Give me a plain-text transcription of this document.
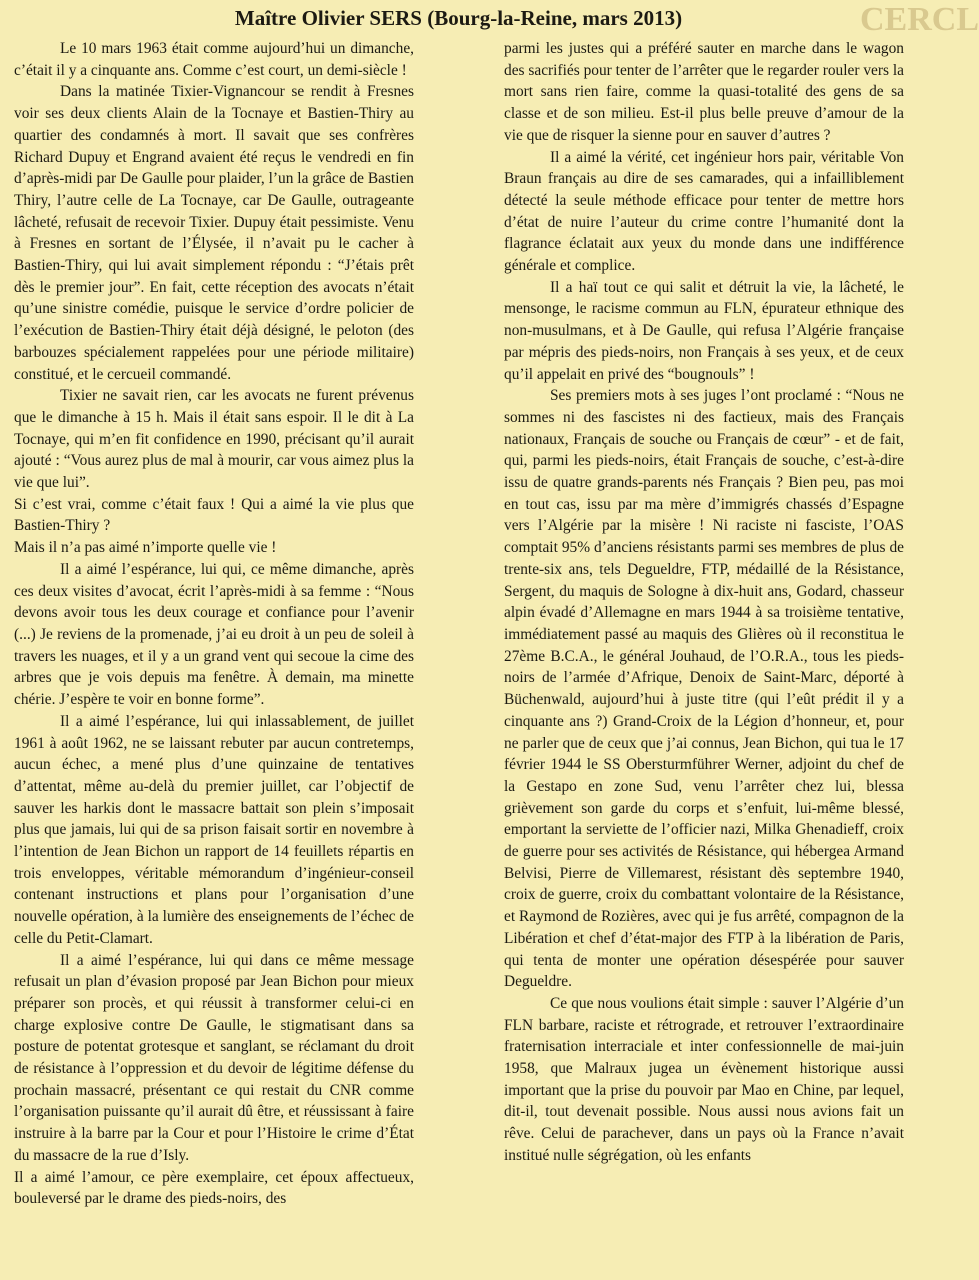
CERCL
Maître Olivier SERS (Bourg-la-Reine, mars 2013)

Le 10 mars 1963 était comme aujourd’hui un dimanche, c’était il y a cinquante ans. Comme c’est court, un demi-siècle !

Dans la matinée Tixier-Vignancour se rendit à Fresnes voir ses deux clients Alain de la Tocnaye et Bastien-Thiry au quartier des condamnés à mort. Il savait que ses confrères Richard Dupuy et Engrand avaient été reçus le vendredi en fin d’après-midi par De Gaulle pour plaider, l’un la grâce de Bastien Thiry, l’autre celle de La Tocnaye, car De Gaulle, outrageante lâcheté, refusait de recevoir Tixier. Dupuy était pessimiste. Venu à Fresnes en sortant de l’Élysée, il n’avait pu le cacher à Bastien-Thiry, qui lui avait simplement répondu : “J’étais prêt dès le premier jour”. En fait, cette réception des avocats n’était qu’une sinistre comédie, puisque le service d’ordre policier de l’exécution de Bastien-Thiry était déjà désigné, le peloton (des barbouzes spécialement rappelées pour une période militaire) constitué, et le cercueil commandé.

Tixier ne savait rien, car les avocats ne furent prévenus que le dimanche à 15 h. Mais il était sans espoir. Il le dit à La Tocnaye, qui m’en fit confidence en 1990, précisant qu’il aurait ajouté : “Vous aurez plus de mal à mourir, car vous aimez plus la vie que lui”.

Si c’est vrai, comme c’était faux ! Qui a aimé la vie plus que Bastien-Thiry ?

Mais il n’a pas aimé n’importe quelle vie !

Il a aimé l’espérance, lui qui, ce même dimanche, après ces deux visites d’avocat, écrit l’après-midi à sa femme : “Nous devons avoir tous les deux courage et confiance pour l’avenir (...) Je reviens de la promenade, j’ai eu droit à un peu de soleil à travers les nuages, et il y a un grand vent qui secoue la cime des arbres que je vois depuis ma fenêtre. À demain, ma minette chérie. J’espère te voir en bonne forme”.

Il a aimé l’espérance, lui qui inlassablement, de juillet 1961 à août 1962, ne se laissant rebuter par aucun contretemps, aucun échec, a mené plus d’une quinzaine de tentatives d’attentat, même au-delà du premier juillet, car l’objectif de sauver les harkis dont le massacre battait son plein s’imposait plus que jamais, lui qui de sa prison faisait sortir en novembre à l’intention de Jean Bichon un rapport de 14 feuillets répartis en trois enveloppes, véritable mémorandum d’ingénieur-conseil contenant instructions et plans pour l’organisation d’une nouvelle opération, à la lumière des enseignements de l’échec de celle du Petit-Clamart.

Il a aimé l’espérance, lui qui dans ce même message refusait un plan d’évasion proposé par Jean Bichon pour mieux préparer son procès, et qui réussit à transformer celui-ci en charge explosive contre De Gaulle, le stigmatisant dans sa posture de potentat grotesque et sanglant, se réclamant du droit de résistance à l’oppression et du devoir de légitime défense du prochain massacré, présentant ce qui restait du CNR comme l’organisation puissante qu’il aurait dû être, et réussissant à faire instruire à la barre par la Cour et pour l’Histoire le crime d’État du massacre de la rue d’Isly.

Il a aimé l’amour, ce père exemplaire, cet époux affectueux, bouleversé par le drame des pieds-noirs, des

parmi les justes qui a préféré sauter en marche dans le wagon des sacrifiés pour tenter de l’arrêter que le regarder rouler vers la mort sans rien faire, comme la quasi-totalité des gens de sa classe et de son milieu. Est-il plus belle preuve d’amour de la vie que de risquer la sienne pour en sauver d’autres ?

Il a aimé la vérité, cet ingénieur hors pair, véritable Von Braun français au dire de ses camarades, qui a infailliblement détecté la seule méthode efficace pour tenter de mettre hors d’état de nuire l’auteur du crime contre l’humanité dont la flagrance éclatait aux yeux du monde dans une indifférence générale et complice.

Il a haï tout ce qui salit et détruit la vie, la lâcheté, le mensonge, le racisme commun au FLN, épurateur ethnique des non-musulmans, et à De Gaulle, qui refusa l’Algérie française par mépris des pieds-noirs, non Français à ses yeux, et de ceux qu’il appelait en privé des “bougnouls” !

Ses premiers mots à ses juges l’ont proclamé : “Nous ne sommes ni des fascistes ni des factieux, mais des Français nationaux, Français de souche ou Français de cœur” - et de fait, qui, parmi les pieds-noirs, était Français de souche, c’est-à-dire issu de quatre grands-parents nés Français ? Bien peu, pas moi en tout cas, issu par ma mère d’immigrés chassés d’Espagne vers l’Algérie par la misère ! Ni raciste ni fasciste, l’OAS comptait 95% d’anciens résistants parmi ses membres de plus de trente-six ans, tels Degueldre, FTP, médaillé de la Résistance, Sergent, du maquis de Sologne à dix-huit ans, Godard, chasseur alpin évadé d’Allemagne en mars 1944 à sa troisième tentative, immédiatement passé au maquis des Glières où il reconstitua le 27ème B.C.A., le général Jouhaud, de l’O.R.A., tous les pieds-noirs de l’armée d’Afrique, Denoix de Saint-Marc, déporté à Büchenwald, aujourd’hui à juste titre (qui l’eût prédit il y a cinquante ans ?) Grand-Croix de la Légion d’honneur, et, pour ne parler que de ceux que j’ai connus, Jean Bichon, qui tua le 17 février 1944 le SS Obersturmführer Werner, adjoint du chef de la Gestapo en zone Sud, venu l’arrêter chez lui, blessa grièvement son garde du corps et s’enfuit, lui-même blessé, emportant la serviette de l’officier nazi, Milka Ghenadieff, croix de guerre pour ses activités de Résistance, qui hébergea Armand Belvisi, Pierre de Villemarest, résistant dès septembre 1940, croix de guerre, croix du combattant volontaire de la Résistance, et Raymond de Rozières, avec qui je fus arrêté, compagnon de la Libération et chef d’état-major des FTP à la libération de Paris, qui tenta de monter une opération désespérée pour sauver Degueldre.

Ce que nous voulions était simple : sauver l’Algérie d’un FLN barbare, raciste et rétrograde, et retrouver l’extraordinaire fraternisation interraciale et inter confessionnelle de mai-juin 1958, que Malraux jugea un évènement historique aussi important que la prise du pouvoir par Mao en Chine, par lequel, dit-il, tout devenait possible. Nous aussi nous avions fait un rêve. Celui de parachever, dans un pays où la France n’avait institué nulle ségrégation, où les enfants
